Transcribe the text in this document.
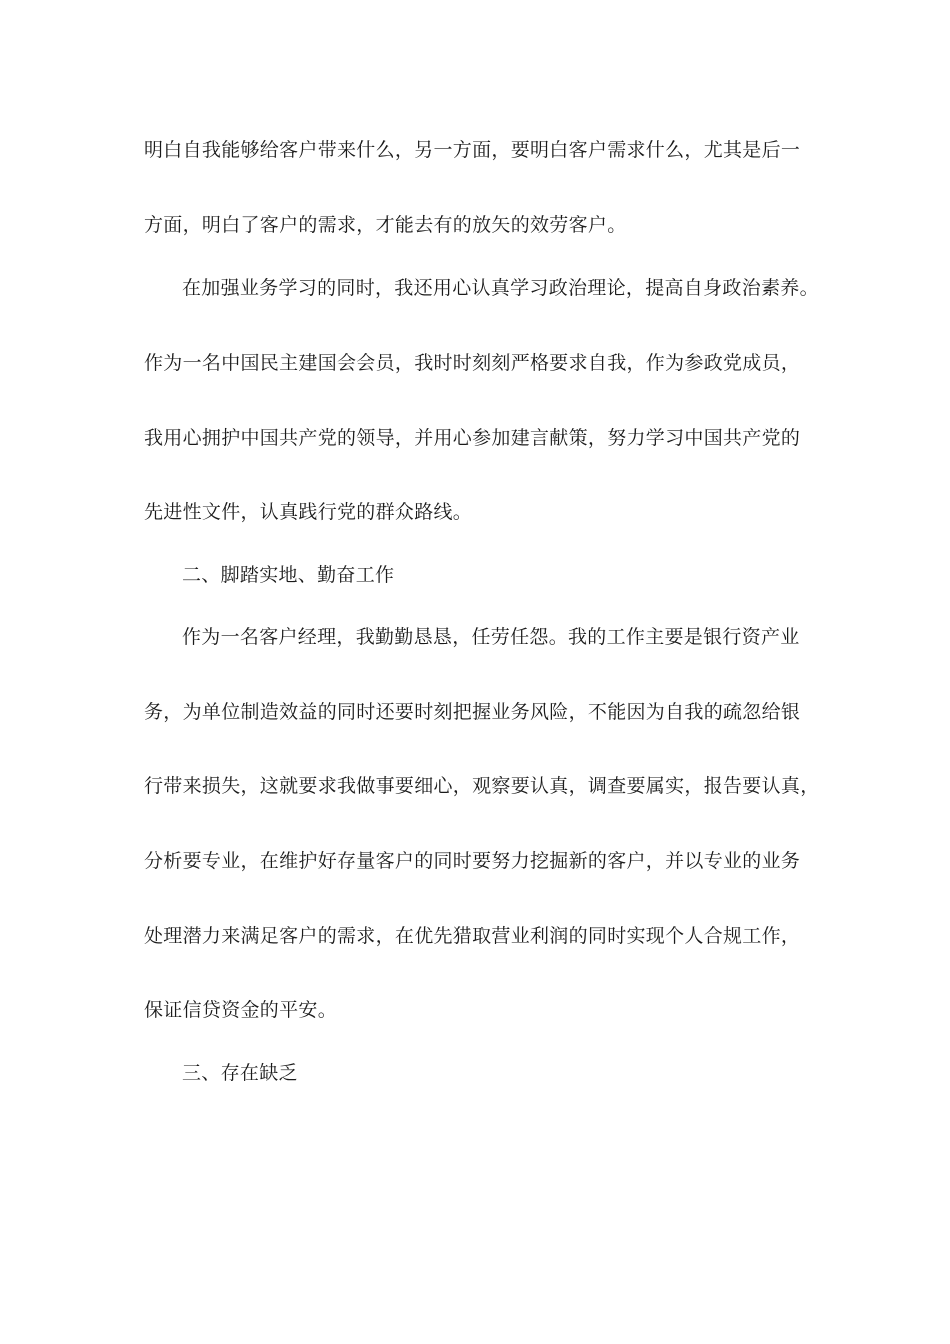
明白自我能够给客户带来什么，另一方面，要明白客户需求什么，尤其是后一
方面，明白了客户的需求，才能去有的放矢的效劳客户。
在加强业务学习的同时，我还用心认真学习政治理论，提高自身政治素养。
作为一名中国民主建国会会员，我时时刻刻严格要求自我，作为参政党成员，
我用心拥护中国共产党的领导，并用心参加建言献策，努力学习中国共产党的
先进性文件，认真践行党的群众路线。
二、脚踏实地、勤奋工作
作为一名客户经理，我勤勤恳恳，任劳任怨。我的工作主要是银行资产业
务，为单位制造效益的同时还要时刻把握业务风险，不能因为自我的疏忽给银
行带来损失，这就要求我做事要细心，观察要认真，调查要属实，报告要认真，
分析要专业，在维护好存量客户的同时要努力挖掘新的客户，并以专业的业务
处理潜力来满足客户的需求，在优先猎取营业利润的同时实现个人合规工作，
保证信贷资金的平安。
三、存在缺乏
